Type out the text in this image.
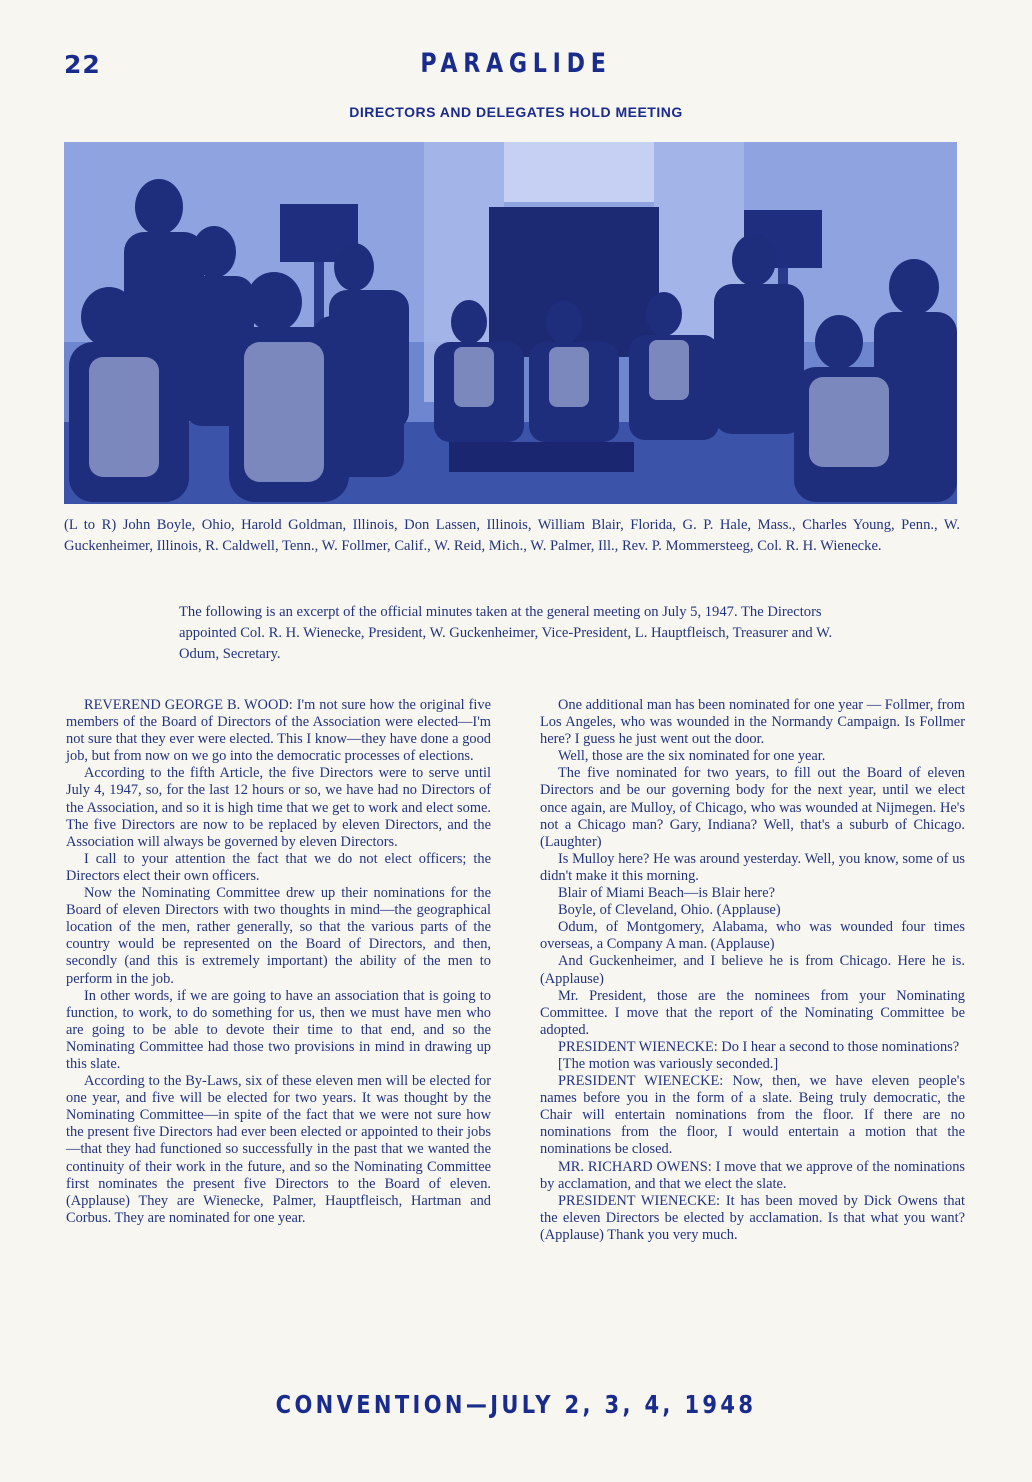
22	PARAGLIDE
DIRECTORS AND DELEGATES HOLD MEETING
(L to R) John Boyle, Ohio, Harold Goldman, Illinois, Don Lassen, Illinois, William Blair, Florida, G. P. Hale, Mass., Charles Young, Penn., W. Guckenheimer, Illinois, R. Caldwell, Tenn., W. Follmer, Calif., W. Reid, Mich., W. Palmer, Ill., Rev. P. Mommersteeg, Col. R. H. Wienecke.
The following is an excerpt of the official minutes taken at the general meeting on July 5, 1947. The Directors appointed Col. R. H. Wienecke, President, W. Guckenheimer, Vice-President, L. Hauptfleisch, Treasurer and W. Odum, Secretary.

REVEREND GEORGE B. WOOD: I'm not sure how the original five members of the Board of Directors of the Association were elected—I'm not sure that they ever were elected. This I know—they have done a good job, but from now on we go into the democratic processes of elections.

According to the fifth Article, the five Directors were to serve until July 4, 1947, so, for the last 12 hours or so, we have had no Directors of the Association, and so it is high time that we get to work and elect some. The five Directors are now to be replaced by eleven Directors, and the Association will always be governed by eleven Directors.

I call to your attention the fact that we do not elect officers; the Directors elect their own officers.

Now the Nominating Committee drew up their nominations for the Board of eleven Directors with two thoughts in mind—the geographical location of the men, rather generally, so that the various parts of the country would be represented on the Board of Directors, and then, secondly (and this is extremely important) the ability of the men to perform in the job.

In other words, if we are going to have an association that is going to function, to work, to do something for us, then we must have men who are going to be able to devote their time to that end, and so the Nominating Committee had those two provisions in mind in drawing up this slate.

According to the By-Laws, six of these eleven men will be elected for one year, and five will be elected for two years. It was thought by the Nominating Committee—in spite of the fact that we were not sure how the present five Directors had ever been elected or appointed to their jobs—that they had functioned so successfully in the past that we wanted the continuity of their work in the future, and so the Nominating Committee first nominates the present five Directors to the Board of eleven. (Applause) They are Wienecke, Palmer, Hauptfleisch, Hartman and Corbus. They are nominated for one year.

One additional man has been nominated for one year — Follmer, from Los Angeles, who was wounded in the Normandy Campaign. Is Follmer here? I guess he just went out the door.

Well, those are the six nominated for one year.

The five nominated for two years, to fill out the Board of eleven Directors and be our governing body for the next year, until we elect once again, are Mulloy, of Chicago, who was wounded at Nijmegen. He's not a Chicago man? Gary, Indiana? Well, that's a suburb of Chicago. (Laughter)

Is Mulloy here? He was around yesterday. Well, you know, some of us didn't make it this morning.

Blair of Miami Beach—is Blair here?

Boyle, of Cleveland, Ohio. (Applause)

Odum, of Montgomery, Alabama, who was wounded four times overseas, a Company A man. (Applause)

And Guckenheimer, and I believe he is from Chicago. Here he is. (Applause)

Mr. President, those are the nominees from your Nominating Committee. I move that the report of the Nominating Committee be adopted.

PRESIDENT WIENECKE: Do I hear a second to those nominations?

[The motion was variously seconded.]

PRESIDENT WIENECKE: Now, then, we have eleven people's names before you in the form of a slate. Being truly democratic, the Chair will entertain nominations from the floor. If there are no nominations from the floor, I would entertain a motion that the nominations be closed.

MR. RICHARD OWENS: I move that we approve of the nominations by acclamation, and that we elect the slate.

PRESIDENT WIENECKE: It has been moved by Dick Owens that the eleven Directors be elected by acclamation. Is that what you want? (Applause) Thank you very much.

CONVENTION—JULY 2, 3, 4, 1948
